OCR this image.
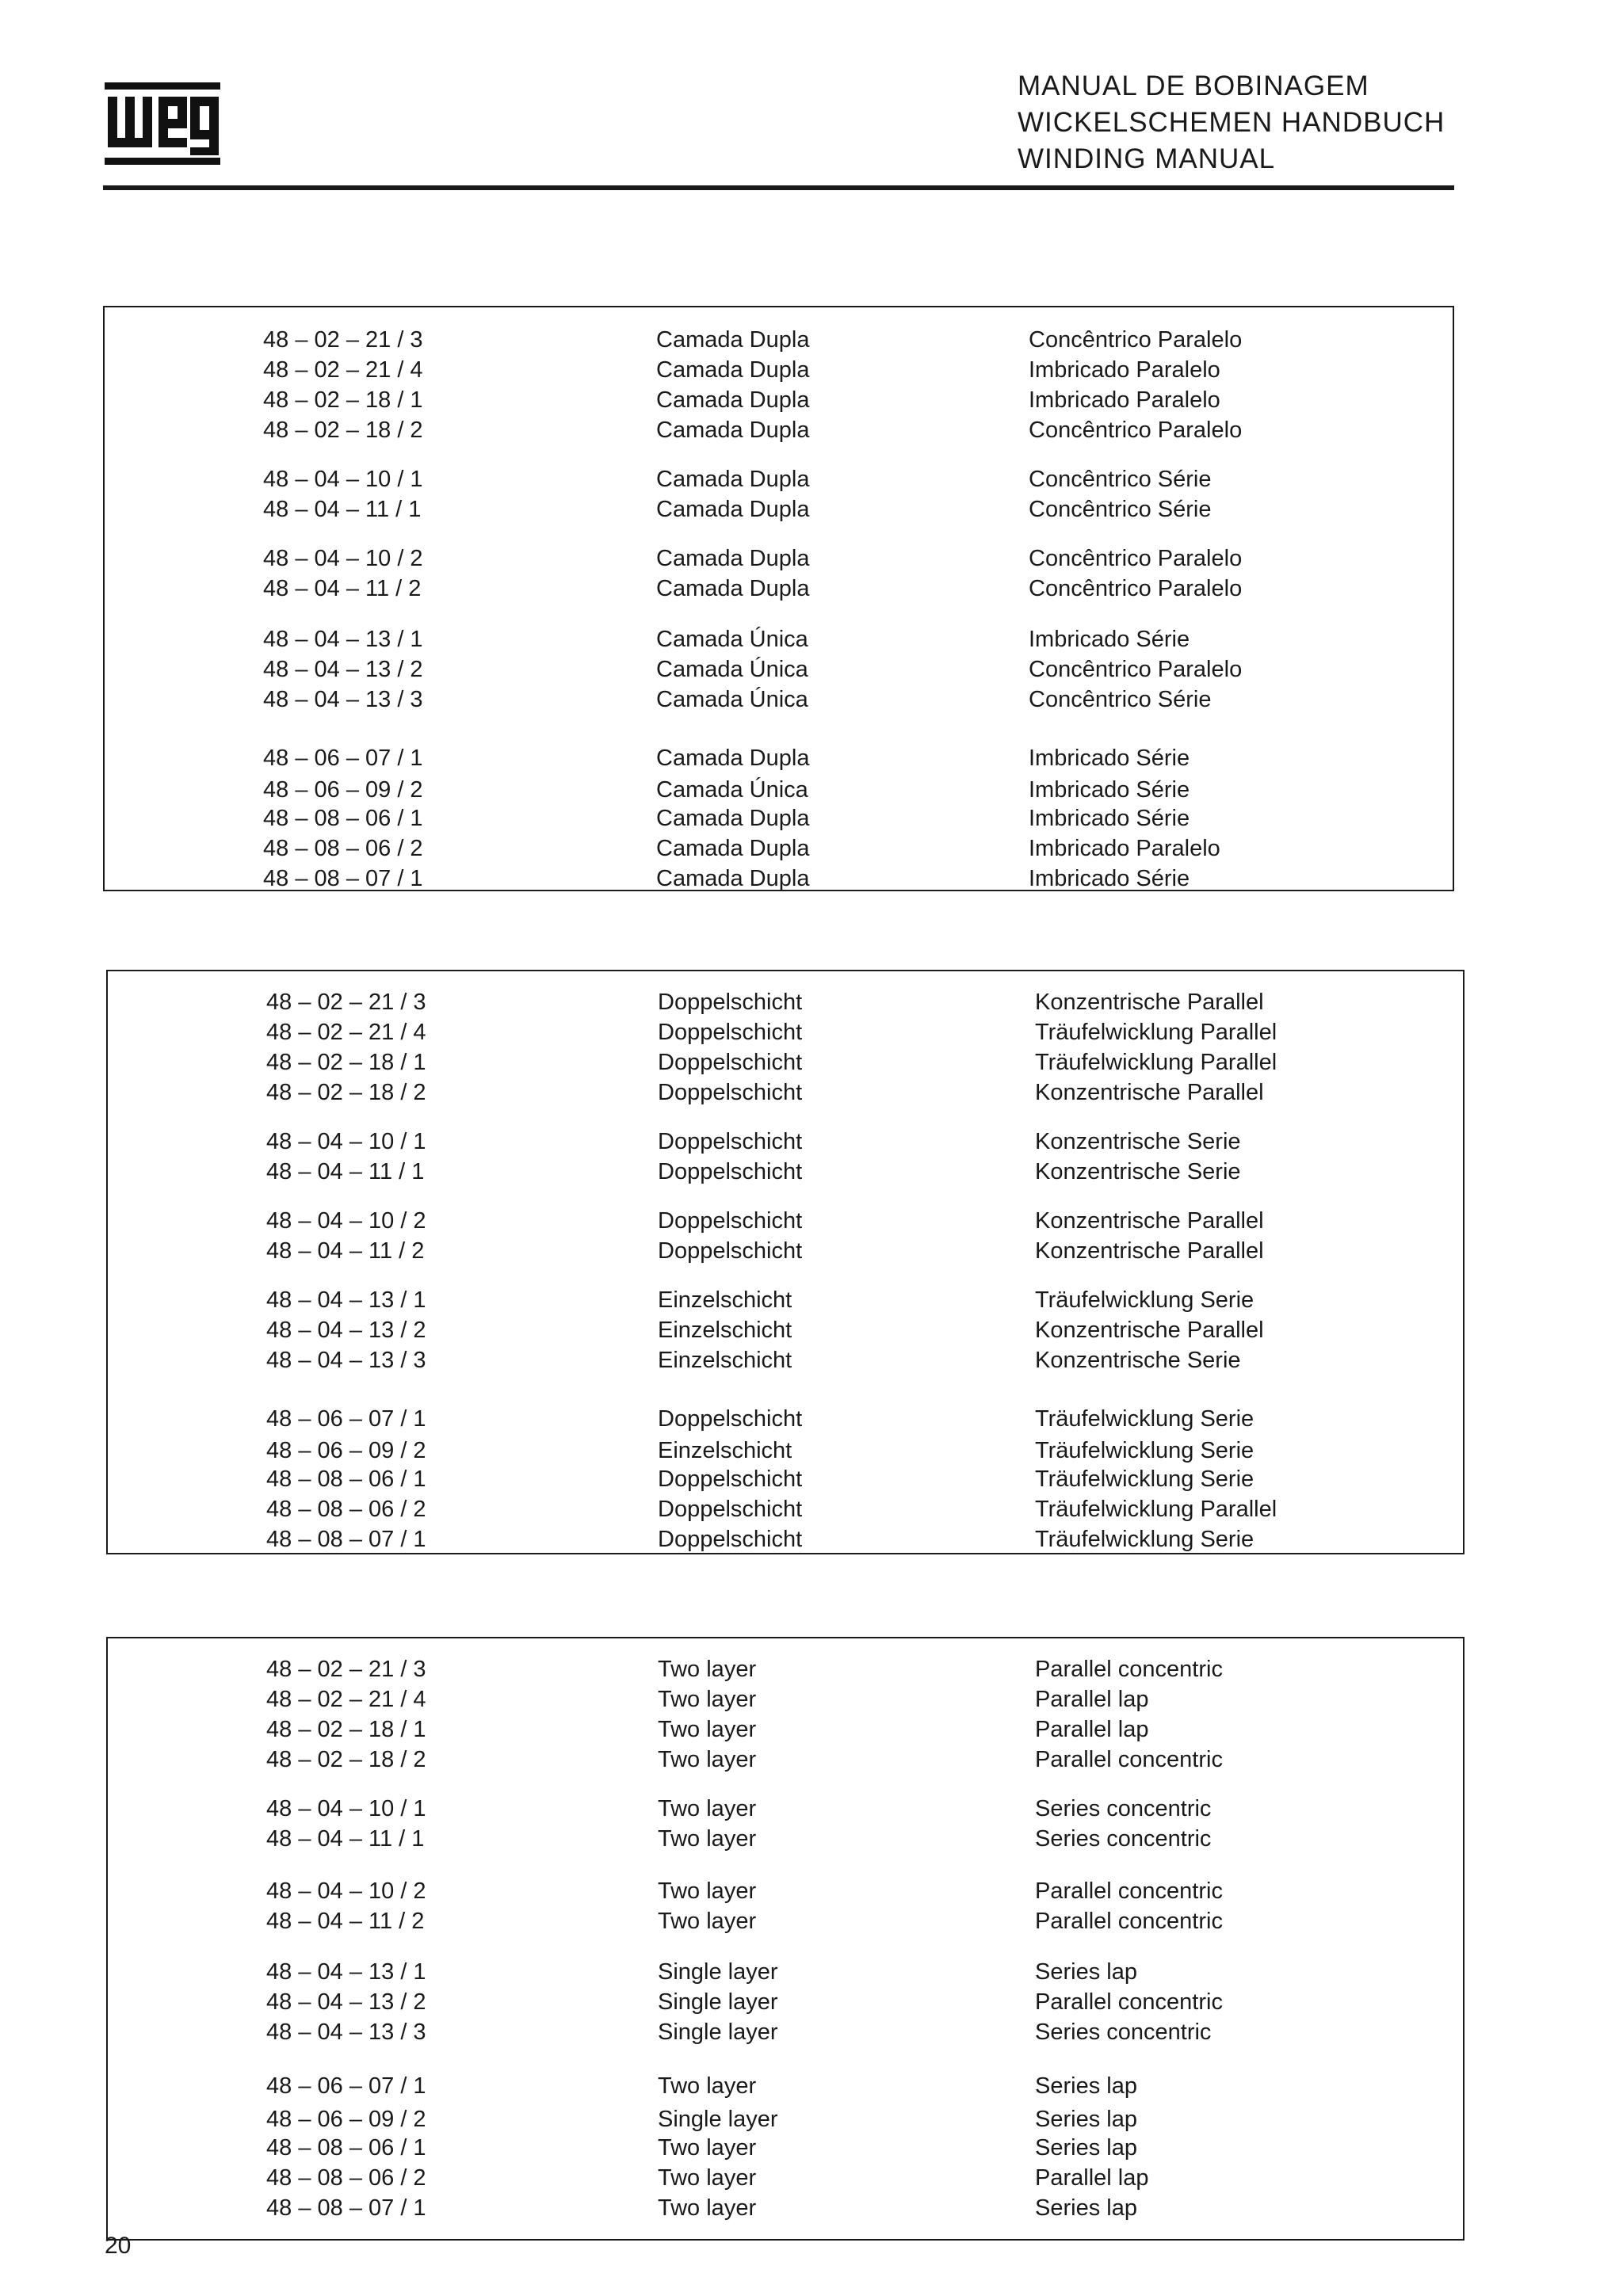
MANUAL DE BOBINAGEM
WICKELSCHEMEN HANDBUCH
WINDING MANUAL
48 – 02 – 21 / 3	Camada Dupla	Concêntrico Paralelo
48 – 02 – 21 / 4	Camada Dupla	Imbricado Paralelo
48 – 02 – 18 / 1	Camada Dupla	Imbricado Paralelo
48 – 02 – 18 / 2	Camada Dupla	Concêntrico Paralelo
48 – 04 – 10 / 1	Camada Dupla	Concêntrico Série
48 – 04 – 11 / 1	Camada Dupla	Concêntrico Série
48 – 04 – 10 / 2	Camada Dupla	Concêntrico Paralelo
48 – 04 – 11 / 2	Camada Dupla	Concêntrico Paralelo
48 – 04 – 13 / 1	Camada Única	Imbricado Série
48 – 04 – 13 / 2	Camada Única	Concêntrico Paralelo
48 – 04 – 13 / 3	Camada Única	Concêntrico Série
48 – 06 – 07 / 1	Camada Dupla	Imbricado Série
48 – 06 – 09 / 2	Camada Única	Imbricado Série
48 – 08 – 06 / 1	Camada Dupla	Imbricado Série
48 – 08 – 06 / 2	Camada Dupla	Imbricado Paralelo
48 – 08 – 07 / 1	Camada Dupla	Imbricado Série
48 – 02 – 21 / 3	Doppelschicht	Konzentrische Parallel
48 – 02 – 21 / 4	Doppelschicht	Träufelwicklung Parallel
48 – 02 – 18 / 1	Doppelschicht	Träufelwicklung Parallel
48 – 02 – 18 / 2	Doppelschicht	Konzentrische Parallel
48 – 04 – 10 / 1	Doppelschicht	Konzentrische Serie
48 – 04 – 11 / 1	Doppelschicht	Konzentrische Serie
48 – 04 – 10 / 2	Doppelschicht	Konzentrische Parallel
48 – 04 – 11 / 2	Doppelschicht	Konzentrische Parallel
48 – 04 – 13 / 1	Einzelschicht	Träufelwicklung Serie
48 – 04 – 13 / 2	Einzelschicht	Konzentrische Parallel
48 – 04 – 13 / 3	Einzelschicht	Konzentrische Serie
48 – 06 – 07 / 1	Doppelschicht	Träufelwicklung Serie
48 – 06 – 09 / 2	Einzelschicht	Träufelwicklung Serie
48 – 08 – 06 / 1	Doppelschicht	Träufelwicklung Serie
48 – 08 – 06 / 2	Doppelschicht	Träufelwicklung Parallel
48 – 08 – 07 / 1	Doppelschicht	Träufelwicklung Serie
48 – 02 – 21 / 3	Two layer	Parallel concentric
48 – 02 – 21 / 4	Two layer	Parallel lap
48 – 02 – 18 / 1	Two layer	Parallel lap
48 – 02 – 18 / 2	Two layer	Parallel concentric
48 – 04 – 10 / 1	Two layer	Series concentric
48 – 04 – 11 / 1	Two layer	Series concentric
48 – 04 – 10 / 2	Two layer	Parallel concentric
48 – 04 – 11 / 2	Two layer	Parallel concentric
48 – 04 – 13 / 1	Single layer	Series lap
48 – 04 – 13 / 2	Single layer	Parallel concentric
48 – 04 – 13 / 3	Single layer	Series concentric
48 – 06 – 07 / 1	Two layer	Series lap
48 – 06 – 09 / 2	Single layer	Series lap
48 – 08 – 06 / 1	Two layer	Series lap
48 – 08 – 06 / 2	Two layer	Parallel lap
48 – 08 – 07 / 1	Two layer	Series lap
20
